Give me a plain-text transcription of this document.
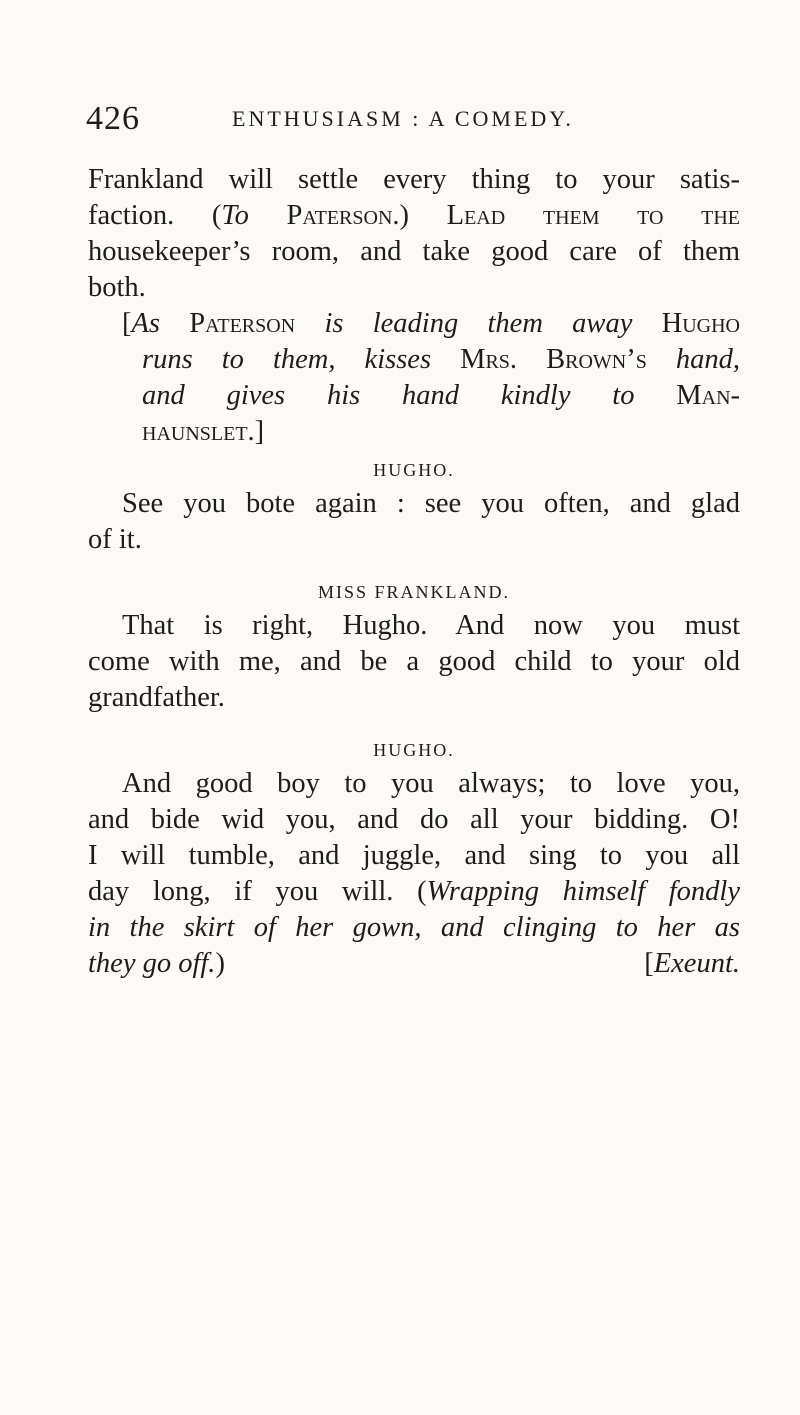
426	ENTHUSIASM : A COMEDY.
Frankland will settle every thing to your satis-
faction. (To Paterson.) Lead them to the
housekeeper’s room, and take good care of them
both.
[As Paterson is leading them away Hugho
runs to them, kisses Mrs. Brown’s hand,
and gives his hand kindly to Man-
haunslet.]
HUGHO.
See you bote again : see you often, and glad
of it.
MISS FRANKLAND.
That is right, Hugho. And now you must
come with me, and be a good child to your old
grandfather.
HUGHO.
And good boy to you always; to love you,
and bide wid you, and do all your bidding. O!
I will tumble, and juggle, and sing to you all
day long, if you will. (Wrapping himself fondly
in the skirt of her gown, and clinging to her as
they go off.)	[Exeunt.
